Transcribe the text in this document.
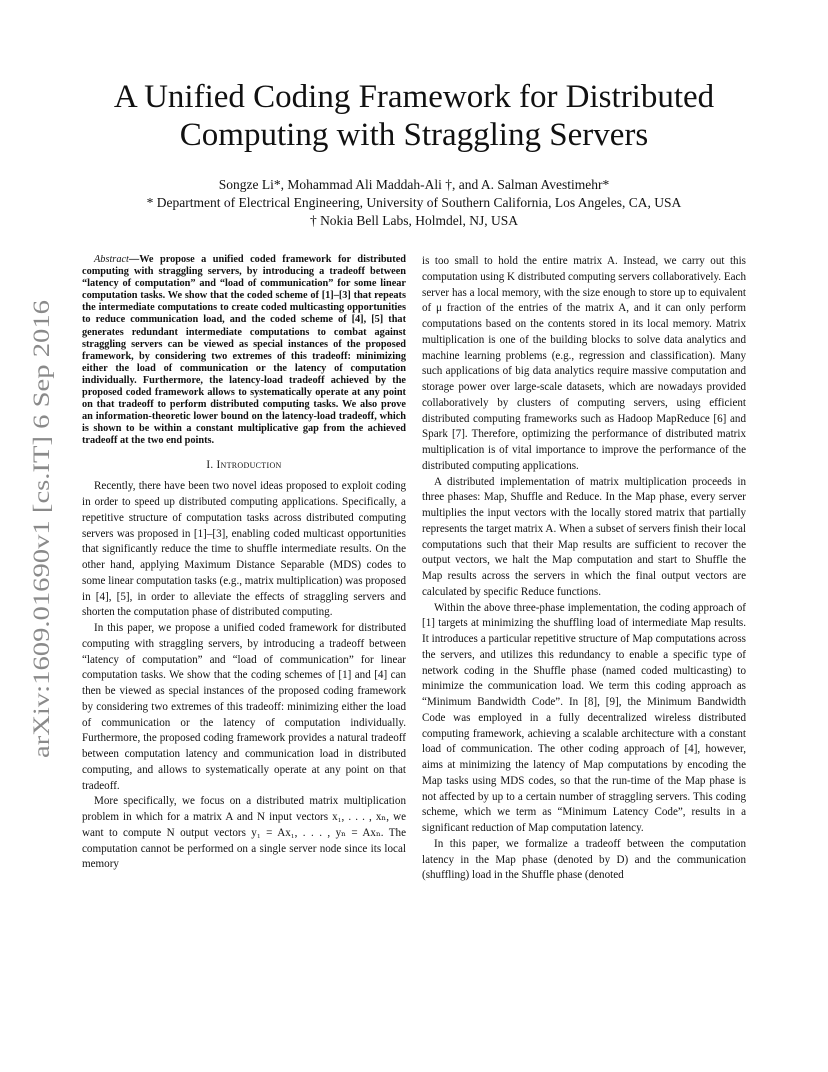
arXiv:1609.01690v1 [cs.IT] 6 Sep 2016
A Unified Coding Framework for Distributed
Computing with Straggling Servers
Songze Li*, Mohammad Ali Maddah-Ali †, and A. Salman Avestimehr*
* Department of Electrical Engineering, University of Southern California, Los Angeles, CA, USA
† Nokia Bell Labs, Holmdel, NJ, USA

Abstract—We propose a unified coded framework for distributed computing with straggling servers, by introducing a tradeoff between “latency of computation” and “load of communication” for some linear computation tasks. We show that the coded scheme of [1]–[3] that repeats the intermediate computations to create coded multicasting opportunities to reduce communication load, and the coded scheme of [4], [5] that generates redundant intermediate computations to combat against straggling servers can be viewed as special instances of the proposed framework, by considering two extremes of this tradeoff: minimizing either the load of communication or the latency of computation individually. Furthermore, the latency-load tradeoff achieved by the proposed coded framework allows to systematically operate at any point on that tradeoff to perform distributed computing tasks. We also prove an information-theoretic lower bound on the latency-load tradeoff, which is shown to be within a constant multiplicative gap from the achieved tradeoff at the two end points.

I. Introduction

Recently, there have been two novel ideas proposed to exploit coding in order to speed up distributed computing applications. Specifically, a repetitive structure of computation tasks across distributed computing servers was proposed in [1]–[3], enabling coded multicast opportunities that significantly reduce the time to shuffle intermediate results. On the other hand, applying Maximum Distance Separable (MDS) codes to some linear computation tasks (e.g., matrix multiplication) was proposed in [4], [5], in order to alleviate the effects of straggling servers and shorten the computation phase of distributed computing.

In this paper, we propose a unified coded framework for distributed computing with straggling servers, by introducing a tradeoff between “latency of computation” and “load of communication” for linear computation tasks. We show that the coding schemes of [1] and [4] can then be viewed as special instances of the proposed coding framework by considering two extremes of this tradeoff: minimizing either the load of communication or the latency of computation individually. Furthermore, the proposed coding framework provides a natural tradeoff between computation latency and communication load in distributed computing, and allows to systematically operate at any point on that tradeoff.

More specifically, we focus on a distributed matrix multiplication problem in which for a matrix A and N input vectors x₁, . . . , xₙ, we want to compute N output vectors y₁ = Ax₁, . . . , yₙ = Axₙ. The computation cannot be performed on a single server node since its local memory

is too small to hold the entire matrix A. Instead, we carry out this computation using K distributed computing servers collaboratively. Each server has a local memory, with the size enough to store up to equivalent of μ fraction of the entries of the matrix A, and it can only perform computations based on the contents stored in its local memory. Matrix multiplication is one of the building blocks to solve data analytics and machine learning problems (e.g., regression and classification). Many such applications of big data analytics require massive computation and storage power over large-scale datasets, which are nowadays provided collaboratively by clusters of computing servers, using efficient distributed computing frameworks such as Hadoop MapReduce [6] and Spark [7]. Therefore, optimizing the performance of distributed matrix multiplication is of vital importance to improve the performance of the distributed computing applications.

A distributed implementation of matrix multiplication proceeds in three phases: Map, Shuffle and Reduce. In the Map phase, every server multiplies the input vectors with the locally stored matrix that partially represents the target matrix A. When a subset of servers finish their local computations such that their Map results are sufficient to recover the output vectors, we halt the Map computation and start to Shuffle the Map results across the servers in which the final output vectors are calculated by specific Reduce functions.

Within the above three-phase implementation, the coding approach of [1] targets at minimizing the shuffling load of intermediate Map results. It introduces a particular repetitive structure of Map computations across the servers, and utilizes this redundancy to enable a specific type of network coding in the Shuffle phase (named coded multicasting) to minimize the communication load. We term this coding approach as “Minimum Bandwidth Code”. In [8], [9], the Minimum Bandwidth Code was employed in a fully decentralized wireless distributed computing framework, achieving a scalable architecture with a constant load of communication. The other coding approach of [4], however, aims at minimizing the latency of Map computations by encoding the Map tasks using MDS codes, so that the run-time of the Map phase is not affected by up to a certain number of straggling servers. This coding scheme, which we term as “Minimum Latency Code”, results in a significant reduction of Map computation latency.

In this paper, we formalize a tradeoff between the computation latency in the Map phase (denoted by D) and the communication (shuffling) load in the Shuffle phase (denoted
